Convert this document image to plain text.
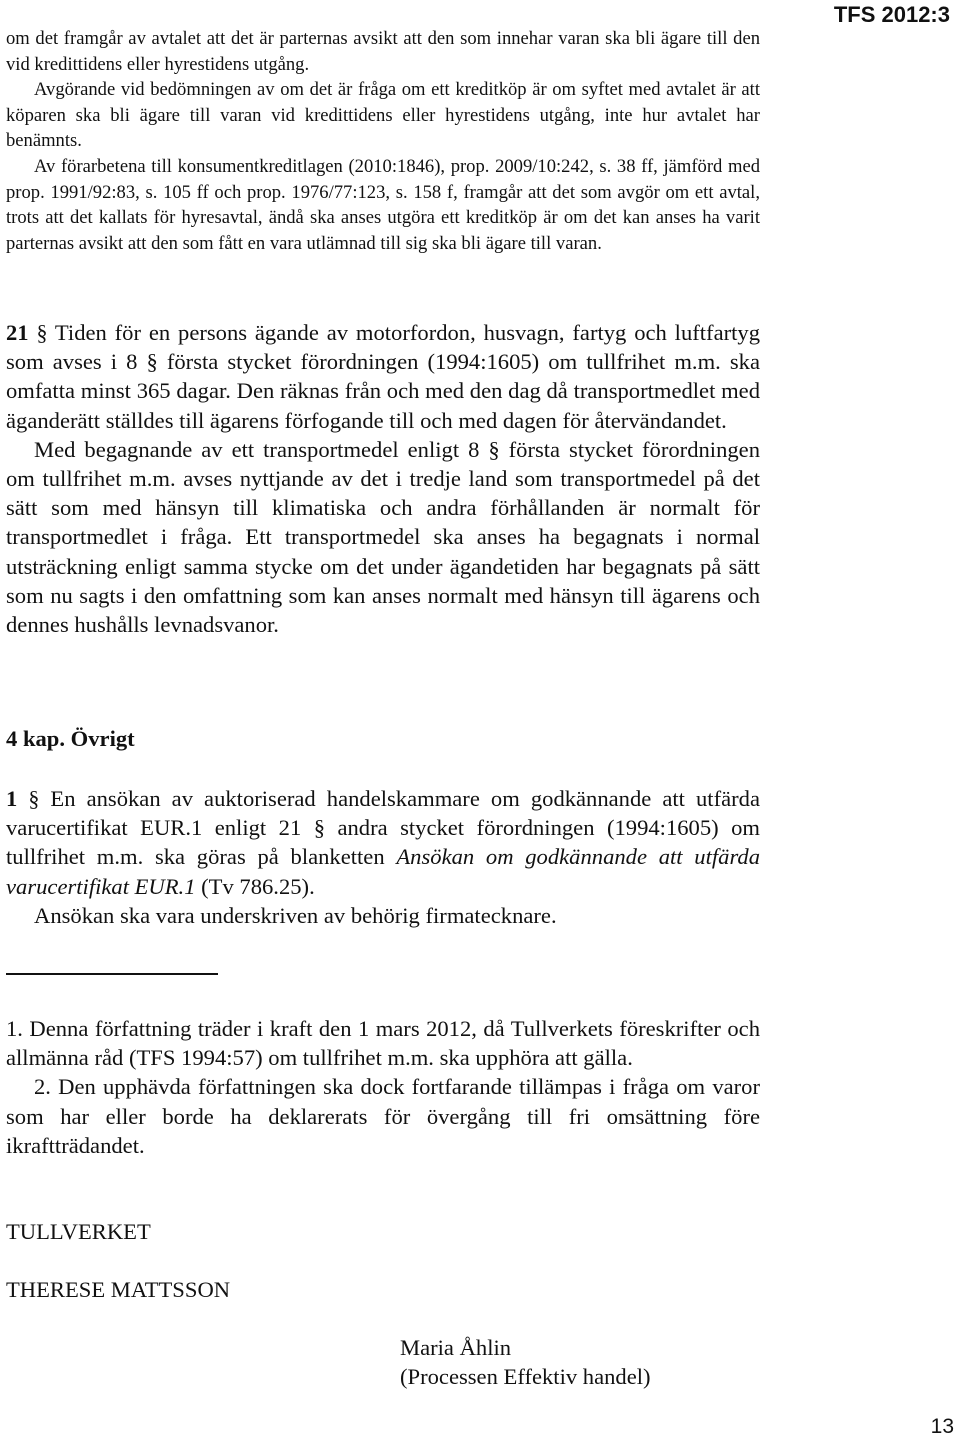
TFS 2012:3

om det framgår av avtalet att det är parternas avsikt att den som innehar varan ska bli ägare till den vid kredittidens eller hyrestidens utgång.

Avgörande vid bedömningen av om det är fråga om ett kreditköp är om syftet med avtalet är att köparen ska bli ägare till varan vid kredittidens eller hyrestidens utgång, inte hur avtalet har benämnts.

Av förarbetena till konsumentkreditlagen (2010:1846), prop. 2009/10:242, s. 38 ff, jämförd med prop. 1991/92:83, s. 105 ff och prop. 1976/77:123, s. 158 f, framgår att det som avgör om ett avtal, trots att det kallats för hyresavtal, ändå ska anses utgöra ett kreditköp är om det kan anses ha varit parternas avsikt att den som fått en vara utlämnad till sig ska bli ägare till varan.

21 § Tiden för en persons ägande av motorfordon, husvagn, fartyg och luftfartyg som avses i 8 § första stycket förordningen (1994:1605) om tullfrihet m.m. ska omfatta minst 365 dagar. Den räknas från och med den dag då transportmedlet med äganderätt ställdes till ägarens förfogande till och med dagen för återvändandet.

Med begagnande av ett transportmedel enligt 8 § första stycket förordningen om tullfrihet m.m. avses nyttjande av det i tredje land som transportmedel på det sätt som med hänsyn till klimatiska och andra förhållanden är normalt för transportmedlet i fråga. Ett transportmedel ska anses ha begagnats i normal utsträckning enligt samma stycke om det under ägandetiden har begagnats på sätt som nu sagts i den omfattning som kan anses normalt med hänsyn till ägarens och dennes hushålls levnadsvanor.

4 kap. Övrigt

1 § En ansökan av auktoriserad handelskammare om godkännande att utfärda varucertifikat EUR.1 enligt 21 § andra stycket förordningen (1994:1605) om tullfrihet m.m. ska göras på blanketten Ansökan om godkännande att utfärda varucertifikat EUR.1 (Tv 786.25).

Ansökan ska vara underskriven av behörig firmatecknare.

1. Denna författning träder i kraft den 1 mars 2012, då Tullverkets föreskrifter och allmänna råd (TFS 1994:57) om tullfrihet m.m. ska upphöra att gälla.

2. Den upphävda författningen ska dock fortfarande tillämpas i fråga om varor som har eller borde ha deklarerats för övergång till fri omsättning före ikraftträdandet.

TULLVERKET
THERESE MATTSSON
Maria Åhlin
(Processen Effektiv handel)
13
